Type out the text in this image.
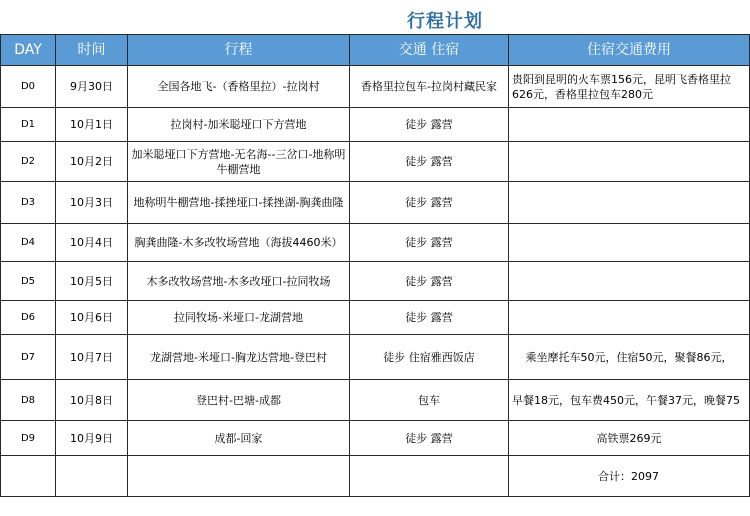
行程计划
DAY	时间	行程	交通 住宿	住宿交通费用
D0	9月30日	全国各地飞-（香格里拉）-拉岗村	香格里拉包车-拉岗村藏民家	贵阳到昆明的火车票156元，昆明飞香格里拉626元，香格里拉包车280元
D1	10月1日	拉岗村-加米聪垭口下方营地	徒步 露营	
D2	10月2日	加米聪垭口下方营地-无名海--三岔口-地称明牛棚营地	徒步 露营	
D3	10月3日	地称明牛棚营地-揉挫垭口-揉挫湖-胸龚曲隆	徒步 露营	
D4	10月4日	胸龚曲隆-木多改牧场营地（海拔4460米）	徒步 露营	
D5	10月5日	木多改牧场营地-木多改垭口-拉同牧场	徒步 露营	
D6	10月6日	拉同牧场-米垭口-龙湖营地	徒步 露营	
D7	10月7日	龙湖营地-米垭口-胸龙达营地-登巴村	徒步 住宿雅西饭店	乘坐摩托车50元，住宿50元，聚餐86元，
D8	10月8日	登巴村-巴塘-成都	包车	早餐18元，包车费450元，午餐37元，晚餐75
D9	10月9日	成都-回家	徒步 露营	高铁票269元
				合计：2097
